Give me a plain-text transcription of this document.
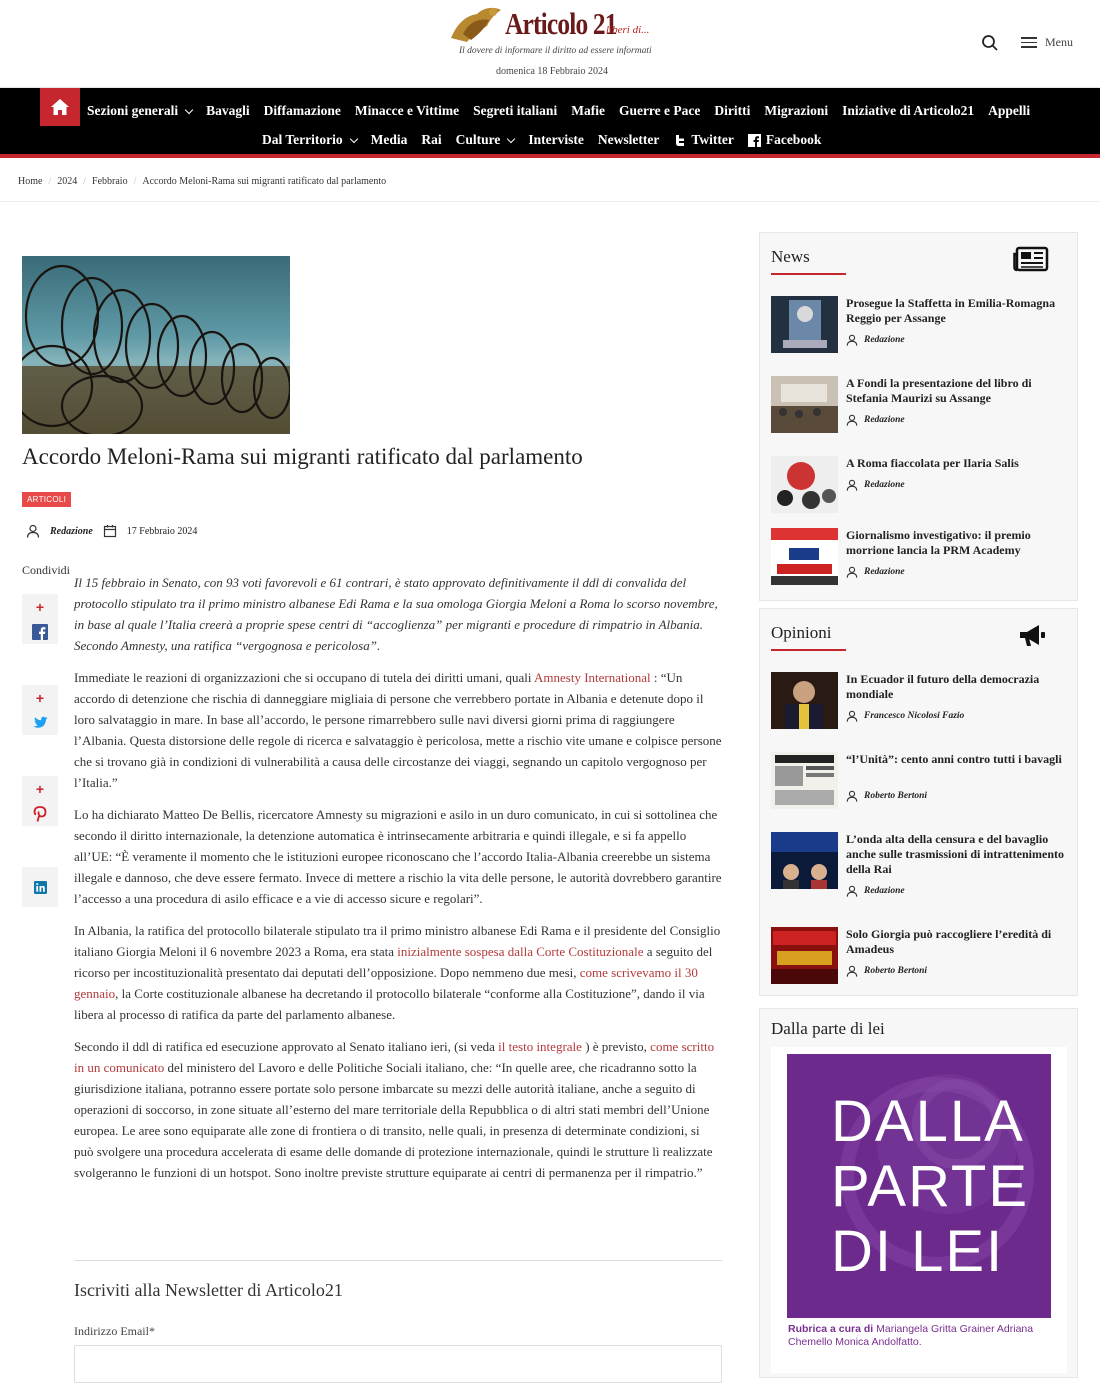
Articolo 21
liberi di...
Il dovere di informare il diritto ad essere informati
domenica 18 Febbraio 2024
Menu
Sezioni generali Bavagli Diffamazione Minacce e Vittime Segreti italiani Mafie Guerre e Pace Diritti Migrazioni Iniziative di Articolo21 Appelli
Dal Territorio Media Rai Culture Interviste Newsletter Twitter Facebook
Home / 2024 / Febbraio / Accordo Meloni-Rama sui migranti ratificato dal parlamento
Accordo Meloni-Rama sui migranti ratificato dal parlamento
ARTICOLI
Redazione	17 Febbraio 2024
Condividi
+
+
+

Il 15 febbraio in Senato, con 93 voti favorevoli e 61 contrari, è stato approvato definitivamente il ddl di convalida del protocollo stipulato tra il primo ministro albanese Edi Rama e la sua omologa Giorgia Meloni a Roma lo scorso novembre, in base al quale l’Italia creerà a proprie spese centri di “accoglienza” per migranti e procedure di rimpatrio in Albania. Secondo Amnesty, una ratifica “vergognosa e pericolosa”.

Immediate le reazioni di organizzazioni che si occupano di tutela dei diritti umani, quali Amnesty International : “Un accordo di detenzione che rischia di danneggiare migliaia di persone che verrebbero portate in Albania e detenute dopo il loro salvataggio in mare. In base all’accordo, le persone rimarrebbero sulle navi diversi giorni prima di raggiungere l’Albania. Questa distorsione delle regole di ricerca e salvataggio è pericolosa, mette a rischio vite umane e colpisce persone che si trovano già in condizioni di vulnerabilità a causa delle circostanze dei viaggi, segnando un capitolo vergognoso per l’Italia.”

Lo ha dichiarato Matteo De Bellis, ricercatore Amnesty su migrazioni e asilo in un duro comunicato, in cui si sottolinea che secondo il diritto internazionale, la detenzione automatica è intrinsecamente arbitraria e quindi illegale, e si fa appello all’UE: “È veramente il momento che le istituzioni europee riconoscano che l’accordo Italia-Albania creerebbe un sistema illegale e dannoso, che deve essere fermato. Invece di mettere a rischio la vita delle persone, le autorità dovrebbero garantire l’accesso a una procedura di asilo efficace e a vie di accesso sicure e regolari”.

In Albania, la ratifica del protocollo bilaterale stipulato tra il primo ministro albanese Edi Rama e il presidente del Consiglio italiano Giorgia Meloni il 6 novembre 2023 a Roma, era stata inizialmente sospesa dalla Corte Costituzionale a seguito del ricorso per incostituzionalità presentato dai deputati dell’opposizione. Dopo nemmeno due mesi, come scrivevamo il 30 gennaio, la Corte costituzionale albanese ha decretando il protocollo bilaterale “conforme alla Costituzione”, dando il via libera al processo di ratifica da parte del parlamento albanese.

Secondo il ddl di ratifica ed esecuzione approvato al Senato italiano ieri, (si veda il testo integrale ) è previsto, come scritto in un comunicato del ministero del Lavoro e delle Politiche Sociali italiano, che: “In quelle aree, che ricadranno sotto la giurisdizione italiana, potranno essere portate solo persone imbarcate su mezzi delle autorità italiane, anche a seguito di operazioni di soccorso, in zone situate all’esterno del mare territoriale della Repubblica o di altri stati membri dell’Unione europea. Le aree sono equiparate alle zone di frontiera o di transito, nelle quali, in presenza di determinate condizioni, si può svolgere una procedura accelerata di esame delle domande di protezione internazionale, quindi le strutture lì realizzate svolgeranno le funzioni di un hotspot. Sono inoltre previste strutture equiparate ai centri di permanenza per il rimpatrio.”

Iscriviti alla Newsletter di Articolo21
Indirizzo Email*
News
Prosegue la Staffetta in Emilia-Romagna Reggio per Assange
Redazione
A Fondi la presentazione del libro di Stefania Maurizi su Assange
Redazione
A Roma fiaccolata per Ilaria Salis
Redazione
Giornalismo investigativo: il premio morrione lancia la PRM Academy
Redazione
Opinioni
In Ecuador il futuro della democrazia mondiale
Francesco Nicolosi Fazio
“l’Unità”: cento anni contro tutti i bavagli
Roberto Bertoni
L’onda alta della censura e del bavaglio anche sulle trasmissioni di intrattenimento della Rai
Redazione
Solo Giorgia può raccogliere l’eredità di Amadeus
Roberto Bertoni
Dalla parte di lei
DALLA
PARTE
DI LEI
Rubrica a cura di Mariangela Gritta Grainer Adriana Chemello Monica Andolfatto.
